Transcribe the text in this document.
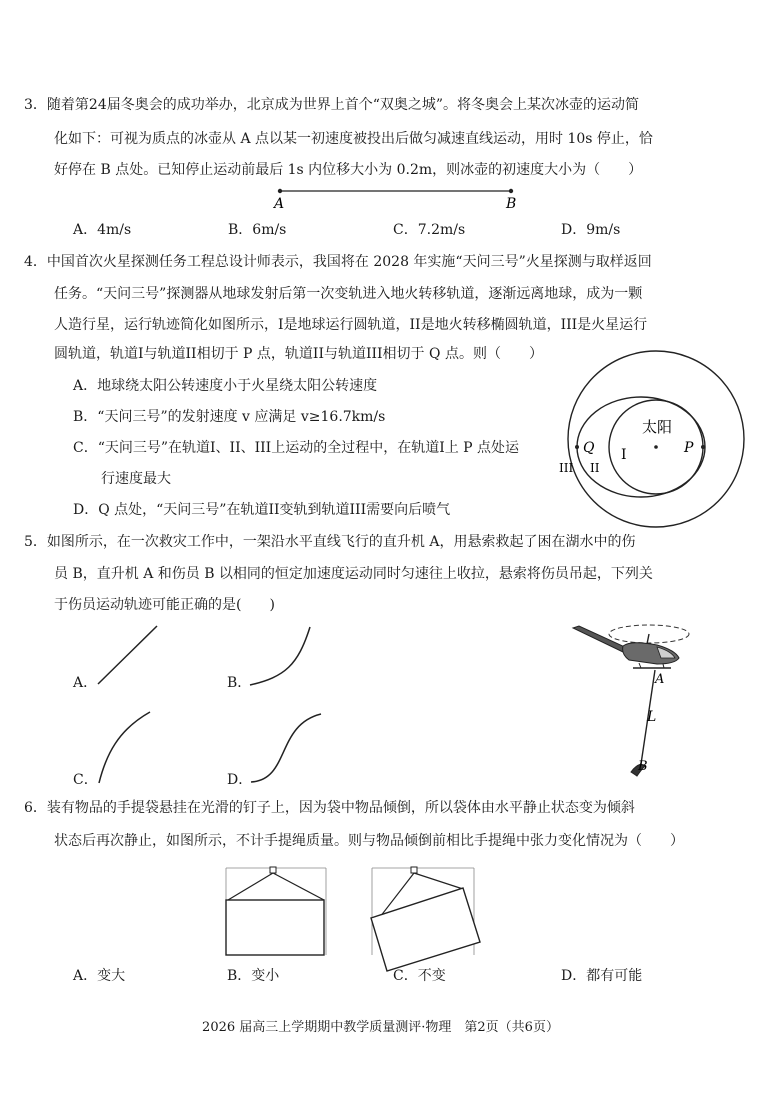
3．随着第24届冬奥会的成功举办，北京成为世界上首个“双奥之城”。将冬奥会上某次冰壶的运动简
化如下：可视为质点的冰壶从 A 点以某一初速度被投出后做匀减速直线运动，用时 10s 停止，恰
好停在 B 点处。已知停止运动前最后 1s 内位移大小为 0.2m，则冰壶的初速度大小为（　　）
A	B
A．4m/s	B．6m/s	C．7.2m/s	D．9m/s
4．中国首次火星探测任务工程总设计师表示，我国将在 2028 年实施“天问三号”火星探测与取样返回
任务。“天问三号”探测器从地球发射后第一次变轨进入地火转移轨道，逐渐远离地球，成为一颗
人造行星，运行轨迹简化如图所示，I是地球运行圆轨道，II是地火转移椭圆轨道，III是火星运行
圆轨道，轨道I与轨道II相切于 P 点，轨道II与轨道III相切于 Q 点。则（　　）
A．地球绕太阳公转速度小于火星绕太阳公转速度
B．“天问三号”的发射速度 v 应满足 v≥16.7km/s
C．“天问三号”在轨道I、II、III上运动的全过程中，在轨道I上 P 点处运
　　行速度最大
D．Q 点处，“天问三号”在轨道II变轨到轨道III需要向后喷气
太阳
P
Q I
II
III
5．如图所示，在一次救灾工作中，一架沿水平直线飞行的直升机 A，用悬索救起了困在湖水中的伤
员 B，直升机 A 和伤员 B 以相同的恒定加速度运动同时匀速往上收拉，悬索将伤员吊起，下列关
于伤员运动轨迹可能正确的是(　　)
A．	B．
C．	D．
A
L
B
6．装有物品的手提袋悬挂在光滑的钉子上，因为袋中物品倾倒，所以袋体由水平静止状态变为倾斜
状态后再次静止，如图所示，不计手提绳质量。则与物品倾倒前相比手提绳中张力变化情况为（　　）
A．变大	B．变小	C．不变	D．都有可能
2026 届高三上学期期中教学质量测评·物理　第2页（共6页）
